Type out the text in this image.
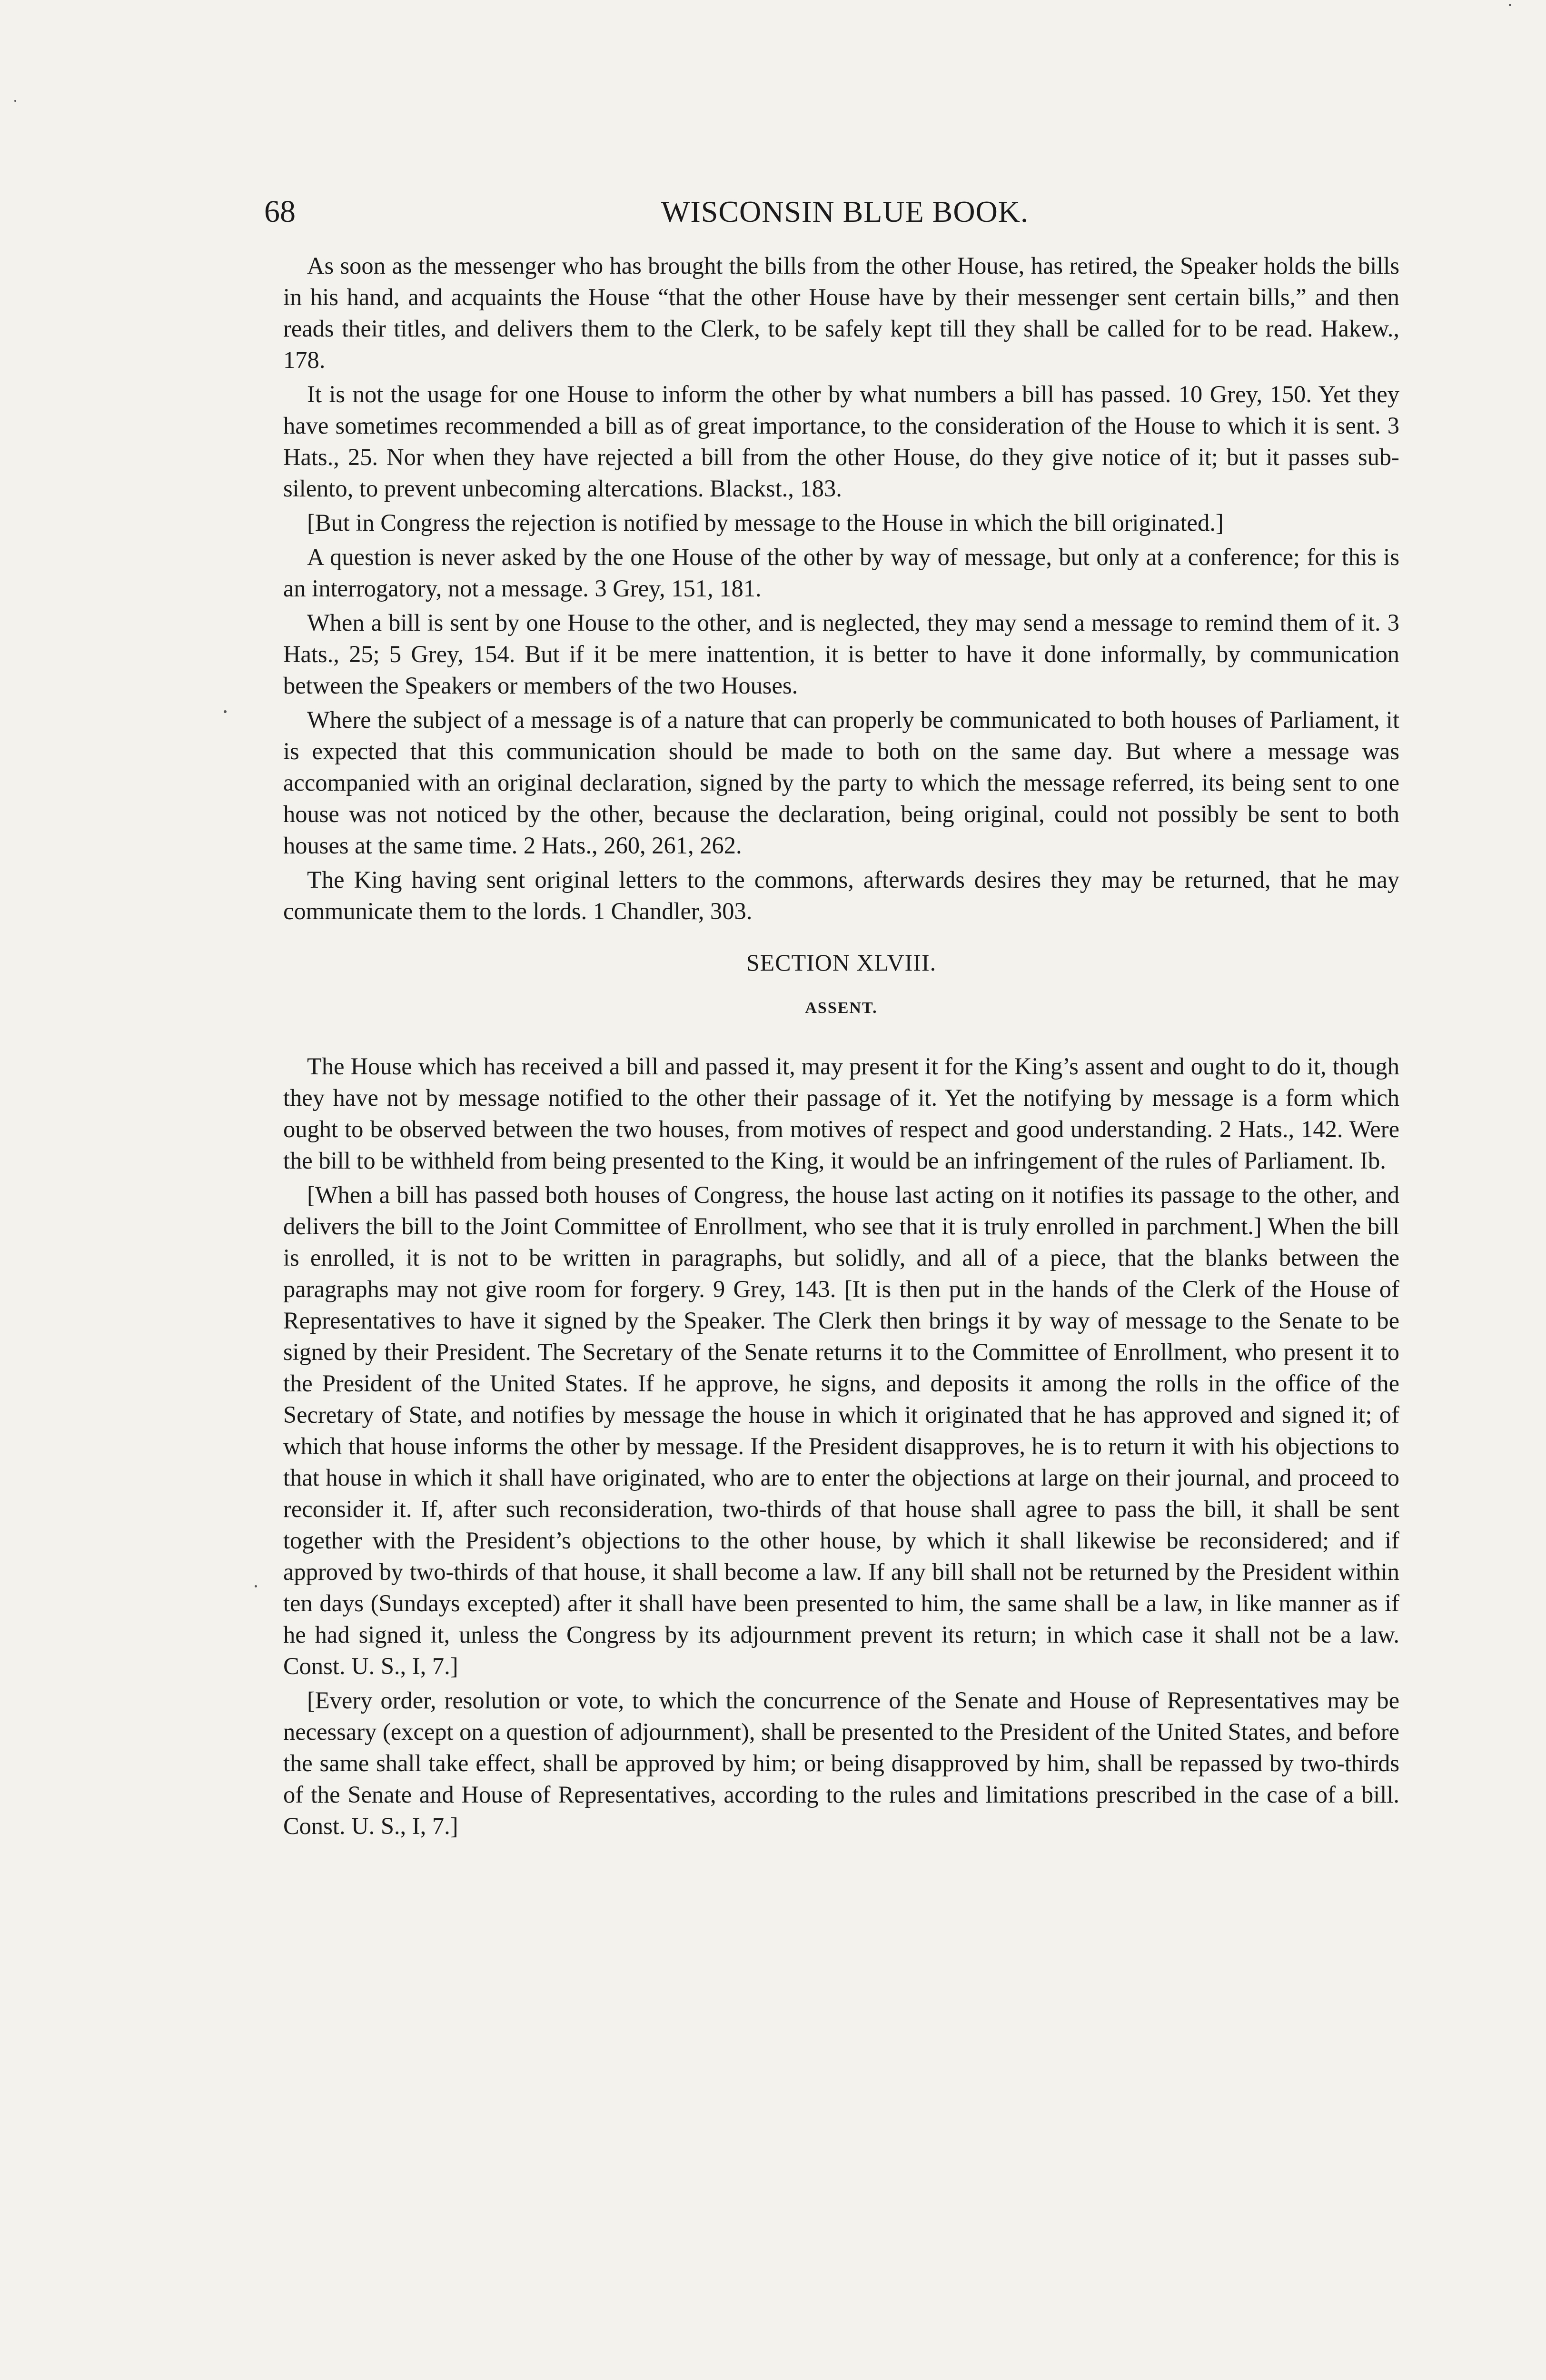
68	WISCONSIN BLUE BOOK.

As soon as the messenger who has brought the bills from the other House, has retired, the Speaker holds the bills in his hand, and acquaints the House “that the other House have by their messenger sent certain bills,” and then reads their titles, and delivers them to the Clerk, to be safely kept till they shall be called for to be read. Hakew., 178.

It is not the usage for one House to inform the other by what numbers a bill has passed. 10 Grey, 150. Yet they have sometimes recommended a bill as of great importance, to the consideration of the House to which it is sent. 3 Hats., 25. Nor when they have rejected a bill from the other House, do they give notice of it; but it passes sub-silento, to prevent unbecoming altercations. Blackst., 183.

[But in Congress the rejection is notified by message to the House in which the bill originated.]

A question is never asked by the one House of the other by way of message, but only at a conference; for this is an interrogatory, not a message. 3 Grey, 151, 181.

When a bill is sent by one House to the other, and is neglected, they may send a message to remind them of it. 3 Hats., 25; 5 Grey, 154. But if it be mere inattention, it is better to have it done informally, by communication between the Speakers or members of the two Houses.

Where the subject of a message is of a nature that can properly be communicated to both houses of Parliament, it is expected that this communication should be made to both on the same day. But where a message was accompanied with an original declaration, signed by the party to which the message referred, its being sent to one house was not noticed by the other, because the declaration, being original, could not possibly be sent to both houses at the same time. 2 Hats., 260, 261, 262.

The King having sent original letters to the commons, afterwards desires they may be returned, that he may communicate them to the lords. 1 Chandler, 303.

SECTION XLVIII.
ASSENT.

The House which has received a bill and passed it, may present it for the King’s assent and ought to do it, though they have not by message notified to the other their passage of it. Yet the notifying by message is a form which ought to be observed between the two houses, from motives of respect and good understanding. 2 Hats., 142. Were the bill to be withheld from being presented to the King, it would be an infringement of the rules of Parliament. Ib.

[When a bill has passed both houses of Congress, the house last acting on it notifies its passage to the other, and delivers the bill to the Joint Committee of Enrollment, who see that it is truly enrolled in parchment.] When the bill is enrolled, it is not to be written in paragraphs, but solidly, and all of a piece, that the blanks between the paragraphs may not give room for forgery. 9 Grey, 143. [It is then put in the hands of the Clerk of the House of Representatives to have it signed by the Speaker. The Clerk then brings it by way of message to the Senate to be signed by their President. The Secretary of the Senate returns it to the Committee of Enrollment, who present it to the President of the United States. If he approve, he signs, and deposits it among the rolls in the office of the Secretary of State, and notifies by message the house in which it originated that he has approved and signed it; of which that house informs the other by message. If the President disapproves, he is to return it with his objections to that house in which it shall have originated, who are to enter the objections at large on their journal, and proceed to reconsider it. If, after such reconsideration, two-thirds of that house shall agree to pass the bill, it shall be sent together with the President’s objections to the other house, by which it shall likewise be reconsidered; and if approved by two-thirds of that house, it shall become a law. If any bill shall not be returned by the President within ten days (Sundays excepted) after it shall have been presented to him, the same shall be a law, in like manner as if he had signed it, unless the Congress by its adjournment prevent its return; in which case it shall not be a law. Const. U. S., I, 7.]

[Every order, resolution or vote, to which the concurrence of the Senate and House of Representatives may be necessary (except on a question of adjournment), shall be presented to the President of the United States, and before the same shall take effect, shall be approved by him; or being disapproved by him, shall be repassed by two-thirds of the Senate and House of Representatives, according to the rules and limitations prescribed in the case of a bill. Const. U. S., I, 7.]
